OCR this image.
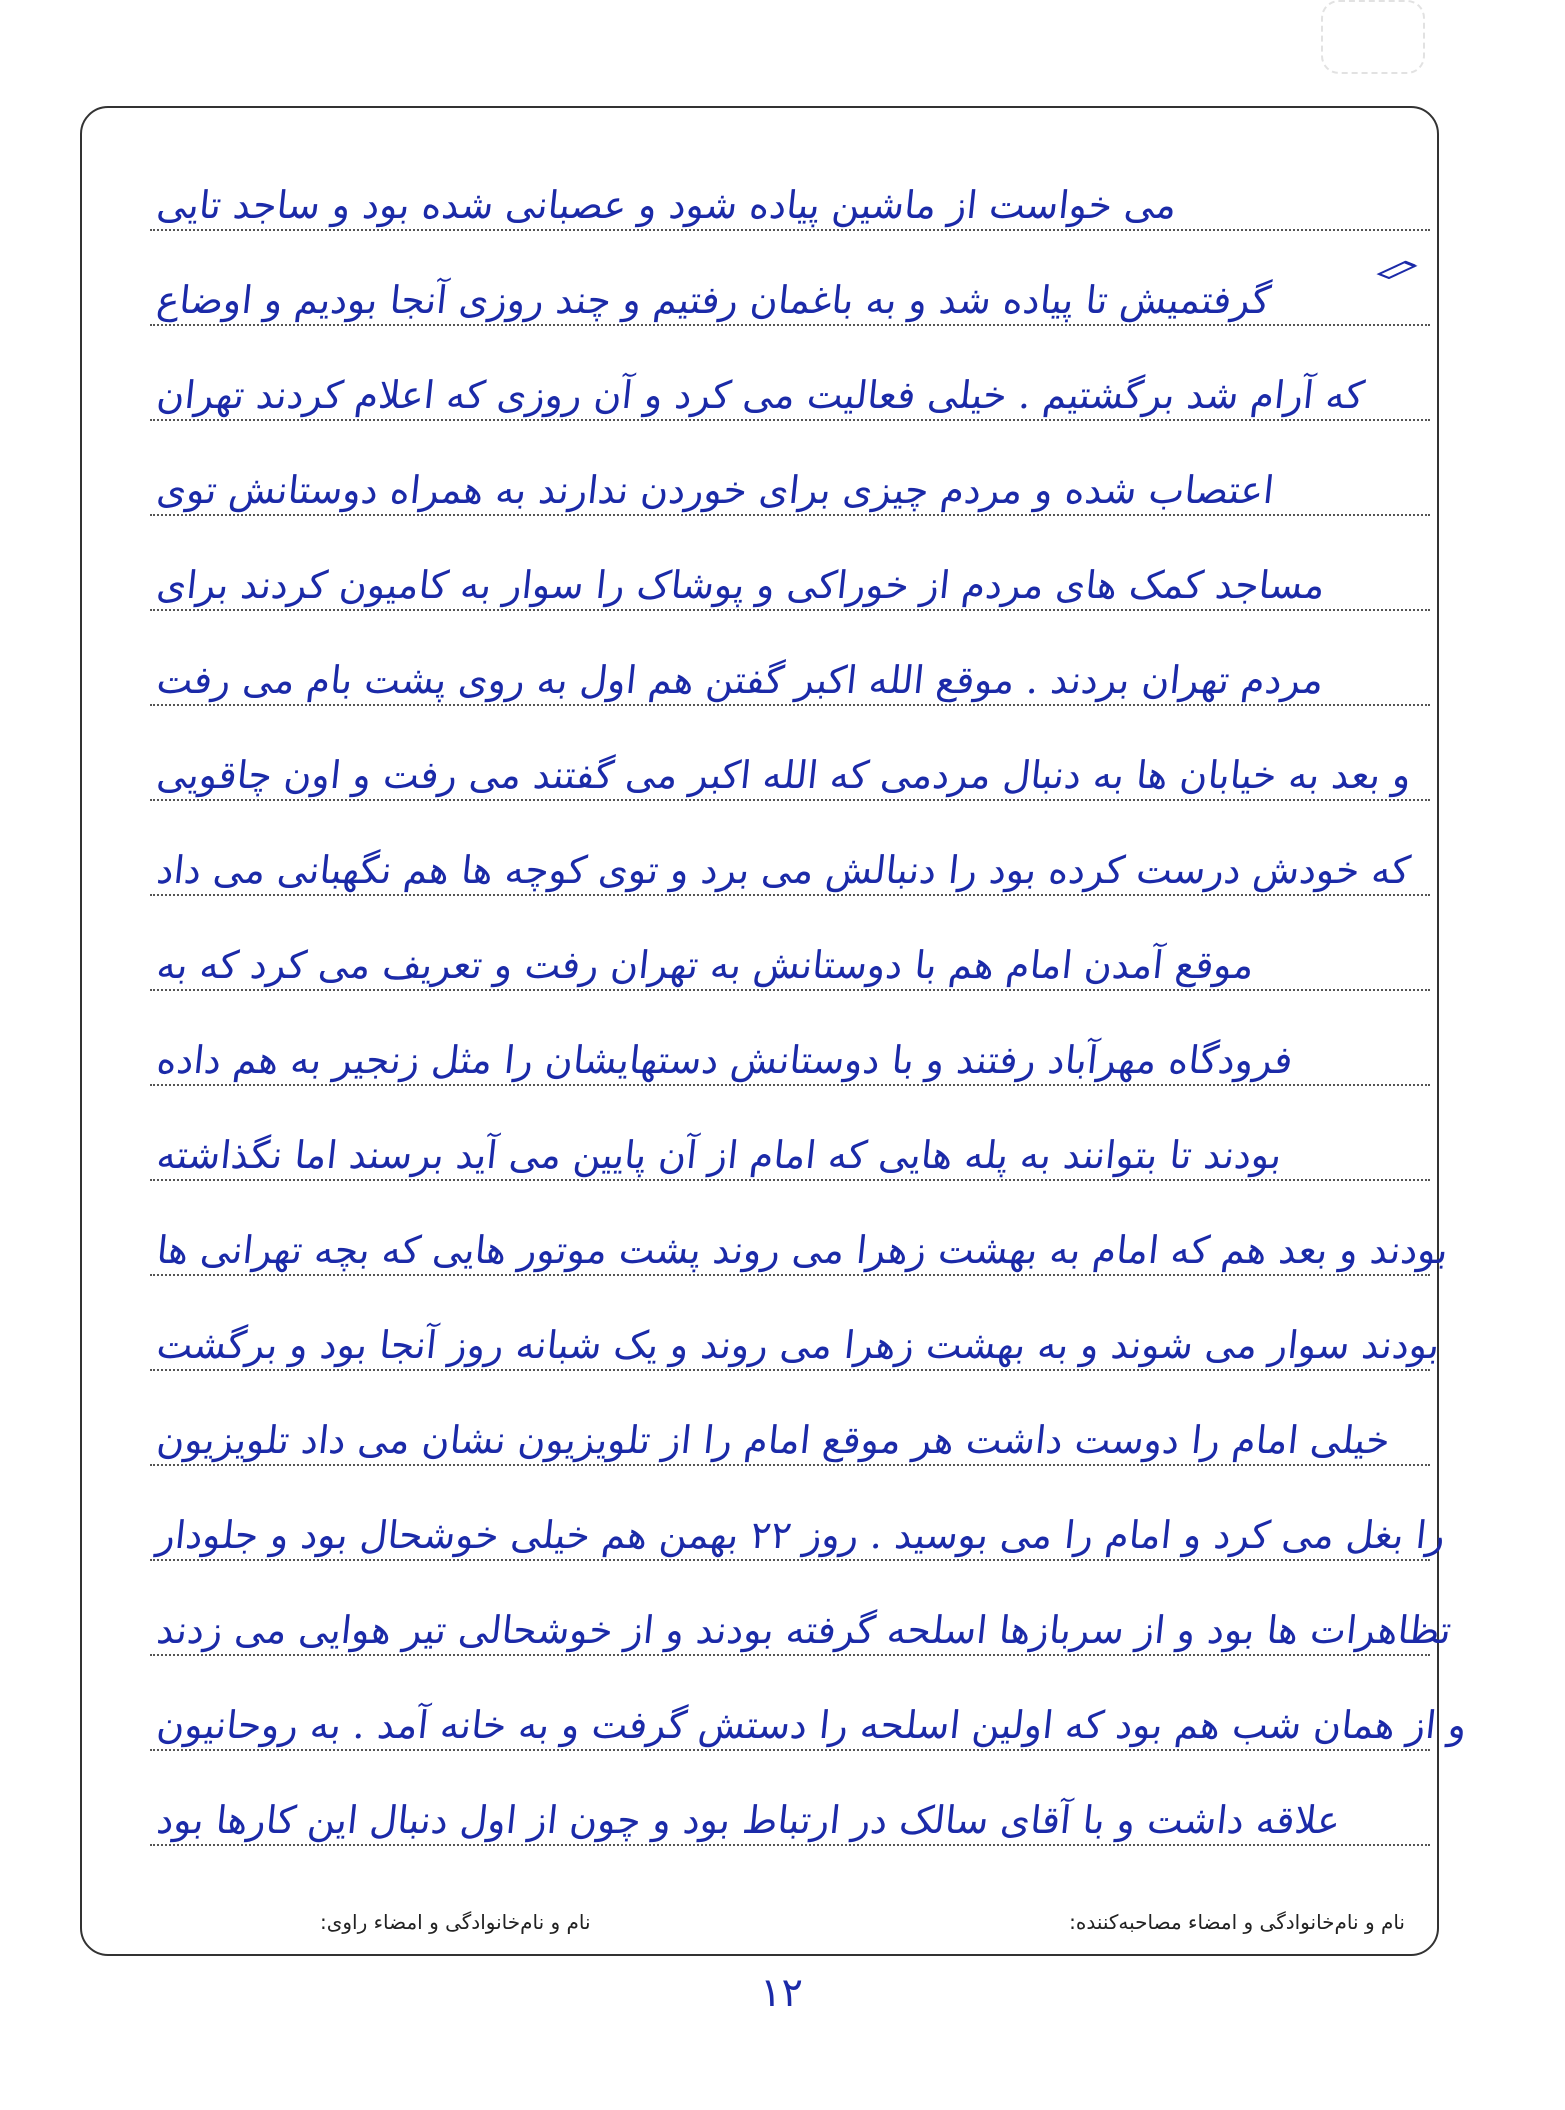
می خواست از ماشین پیاده شود و عصبانی شده بود و ساجد تایی
گرفتمیش تا پیاده شد و به باغمان رفتیم و چند روزی آنجا بودیم و اوضاع
که آرام شد برگشتیم . خیلی فعالیت می کرد و آن روزی که اعلام کردند تهران
اعتصاب شده و مردم چیزی برای خوردن ندارند به همراه دوستانش توی
مساجد کمک های مردم از خوراکی و پوشاک را سوار به کامیون کردند برای
مردم تهران بردند . موقع الله اکبر گفتن هم اول به روی پشت بام می رفت
و بعد به خیابان ها به دنبال مردمی که الله اکبر می گفتند می رفت و اون چاقویی
که خودش درست کرده بود را دنبالش می برد و توی کوچه ها هم نگهبانی می داد
موقع آمدن امام هم با دوستانش به تهران رفت و تعریف می کرد که به
فرودگاه مهرآباد رفتند و با دوستانش دستهایشان را مثل زنجیر به هم داده
بودند تا بتوانند به پله هایی که امام از آن پایین می آید برسند اما نگذاشته
بودند و بعد هم که امام به بهشت زهرا می روند پشت موتور هایی که بچه تهرانی ها
بودند سوار می شوند و به بهشت زهرا می روند و یک شبانه روز آنجا بود و برگشت
خیلی امام را دوست داشت هر موقع امام را از تلویزیون نشان می داد تلویزیون
را بغل می کرد و امام را می بوسید . روز ۲۲ بهمن هم خیلی خوشحال بود و جلودار
تظاهرات ها بود و از سربازها اسلحه گرفته بودند و از خوشحالی تیر هوایی می زدند
و از همان شب هم بود که اولین اسلحه را دستش گرفت و به خانه آمد . به روحانیون
علاقه داشت و با آقای سالک در ارتباط بود و چون از اول دنبال این کارها بود
نام و نام‌خانوادگی و امضاء مصاحبه‌کننده:
نام و نام‌خانوادگی و امضاء راوی:
١٢
